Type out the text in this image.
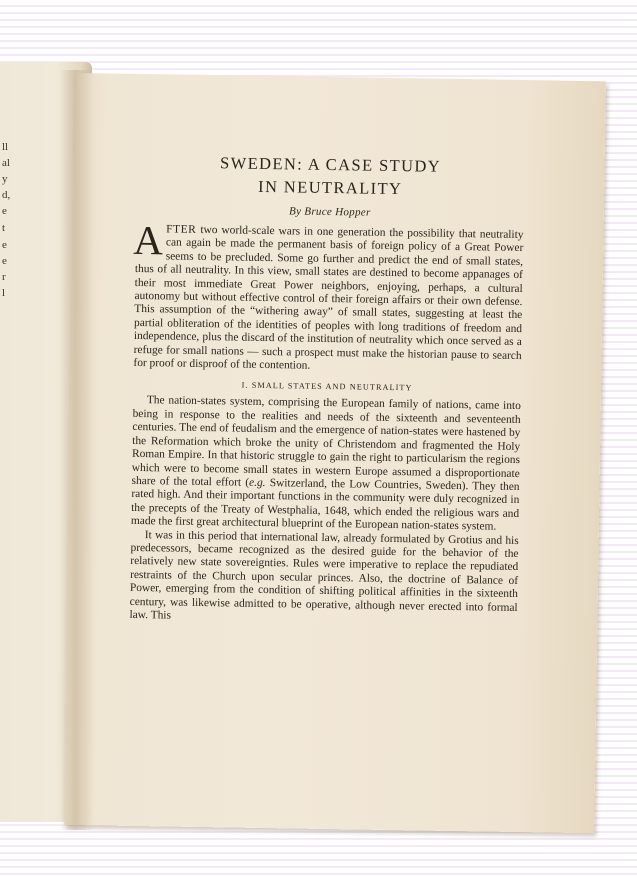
ll
al
y
d,
e
t
e
e
r
l
SWEDEN: A CASE STUDY
IN NEUTRALITY
By Bruce Hopper

AFTER two world-scale wars in one generation the possibility that neutrality can again be made the permanent basis of foreign policy of a Great Power seems to be precluded. Some go further and predict the end of small states, thus of all neutrality. In this view, small states are destined to become appanages of their most immediate Great Power neighbors, enjoying, perhaps, a cultural autonomy but without effective control of their foreign affairs or their own defense. This assumption of the “withering away” of small states, suggesting at least the partial obliteration of the identities of peoples with long traditions of freedom and independence, plus the discard of the institution of neutrality which once served as a refuge for small nations — such a prospect must make the historian pause to search for proof or disproof of the contention.

I. SMALL STATES AND NEUTRALITY

The nation-states system, comprising the European family of nations, came into being in response to the realities and needs of the sixteenth and seventeenth centuries. The end of feudalism and the emergence of nation-states were hastened by the Reformation which broke the unity of Christendom and fragmented the Holy Roman Empire. In that historic struggle to gain the right to particularism the regions which were to become small states in western Europe assumed a disproportionate share of the total effort (e.g. Switzerland, the Low Countries, Sweden). They then rated high. And their important functions in the community were duly recognized in the precepts of the Treaty of Westphalia, 1648, which ended the religious wars and made the first great architectural blueprint of the European nation-states system.

It was in this period that international law, already formulated by Grotius and his predecessors, became recognized as the desired guide for the behavior of the relatively new state sovereignties. Rules were imperative to replace the repudiated restraints of the Church upon secular princes. Also, the doctrine of Balance of Power, emerging from the condition of shifting political affinities in the sixteenth century, was likewise admitted to be operative, although never erected into formal law. This
